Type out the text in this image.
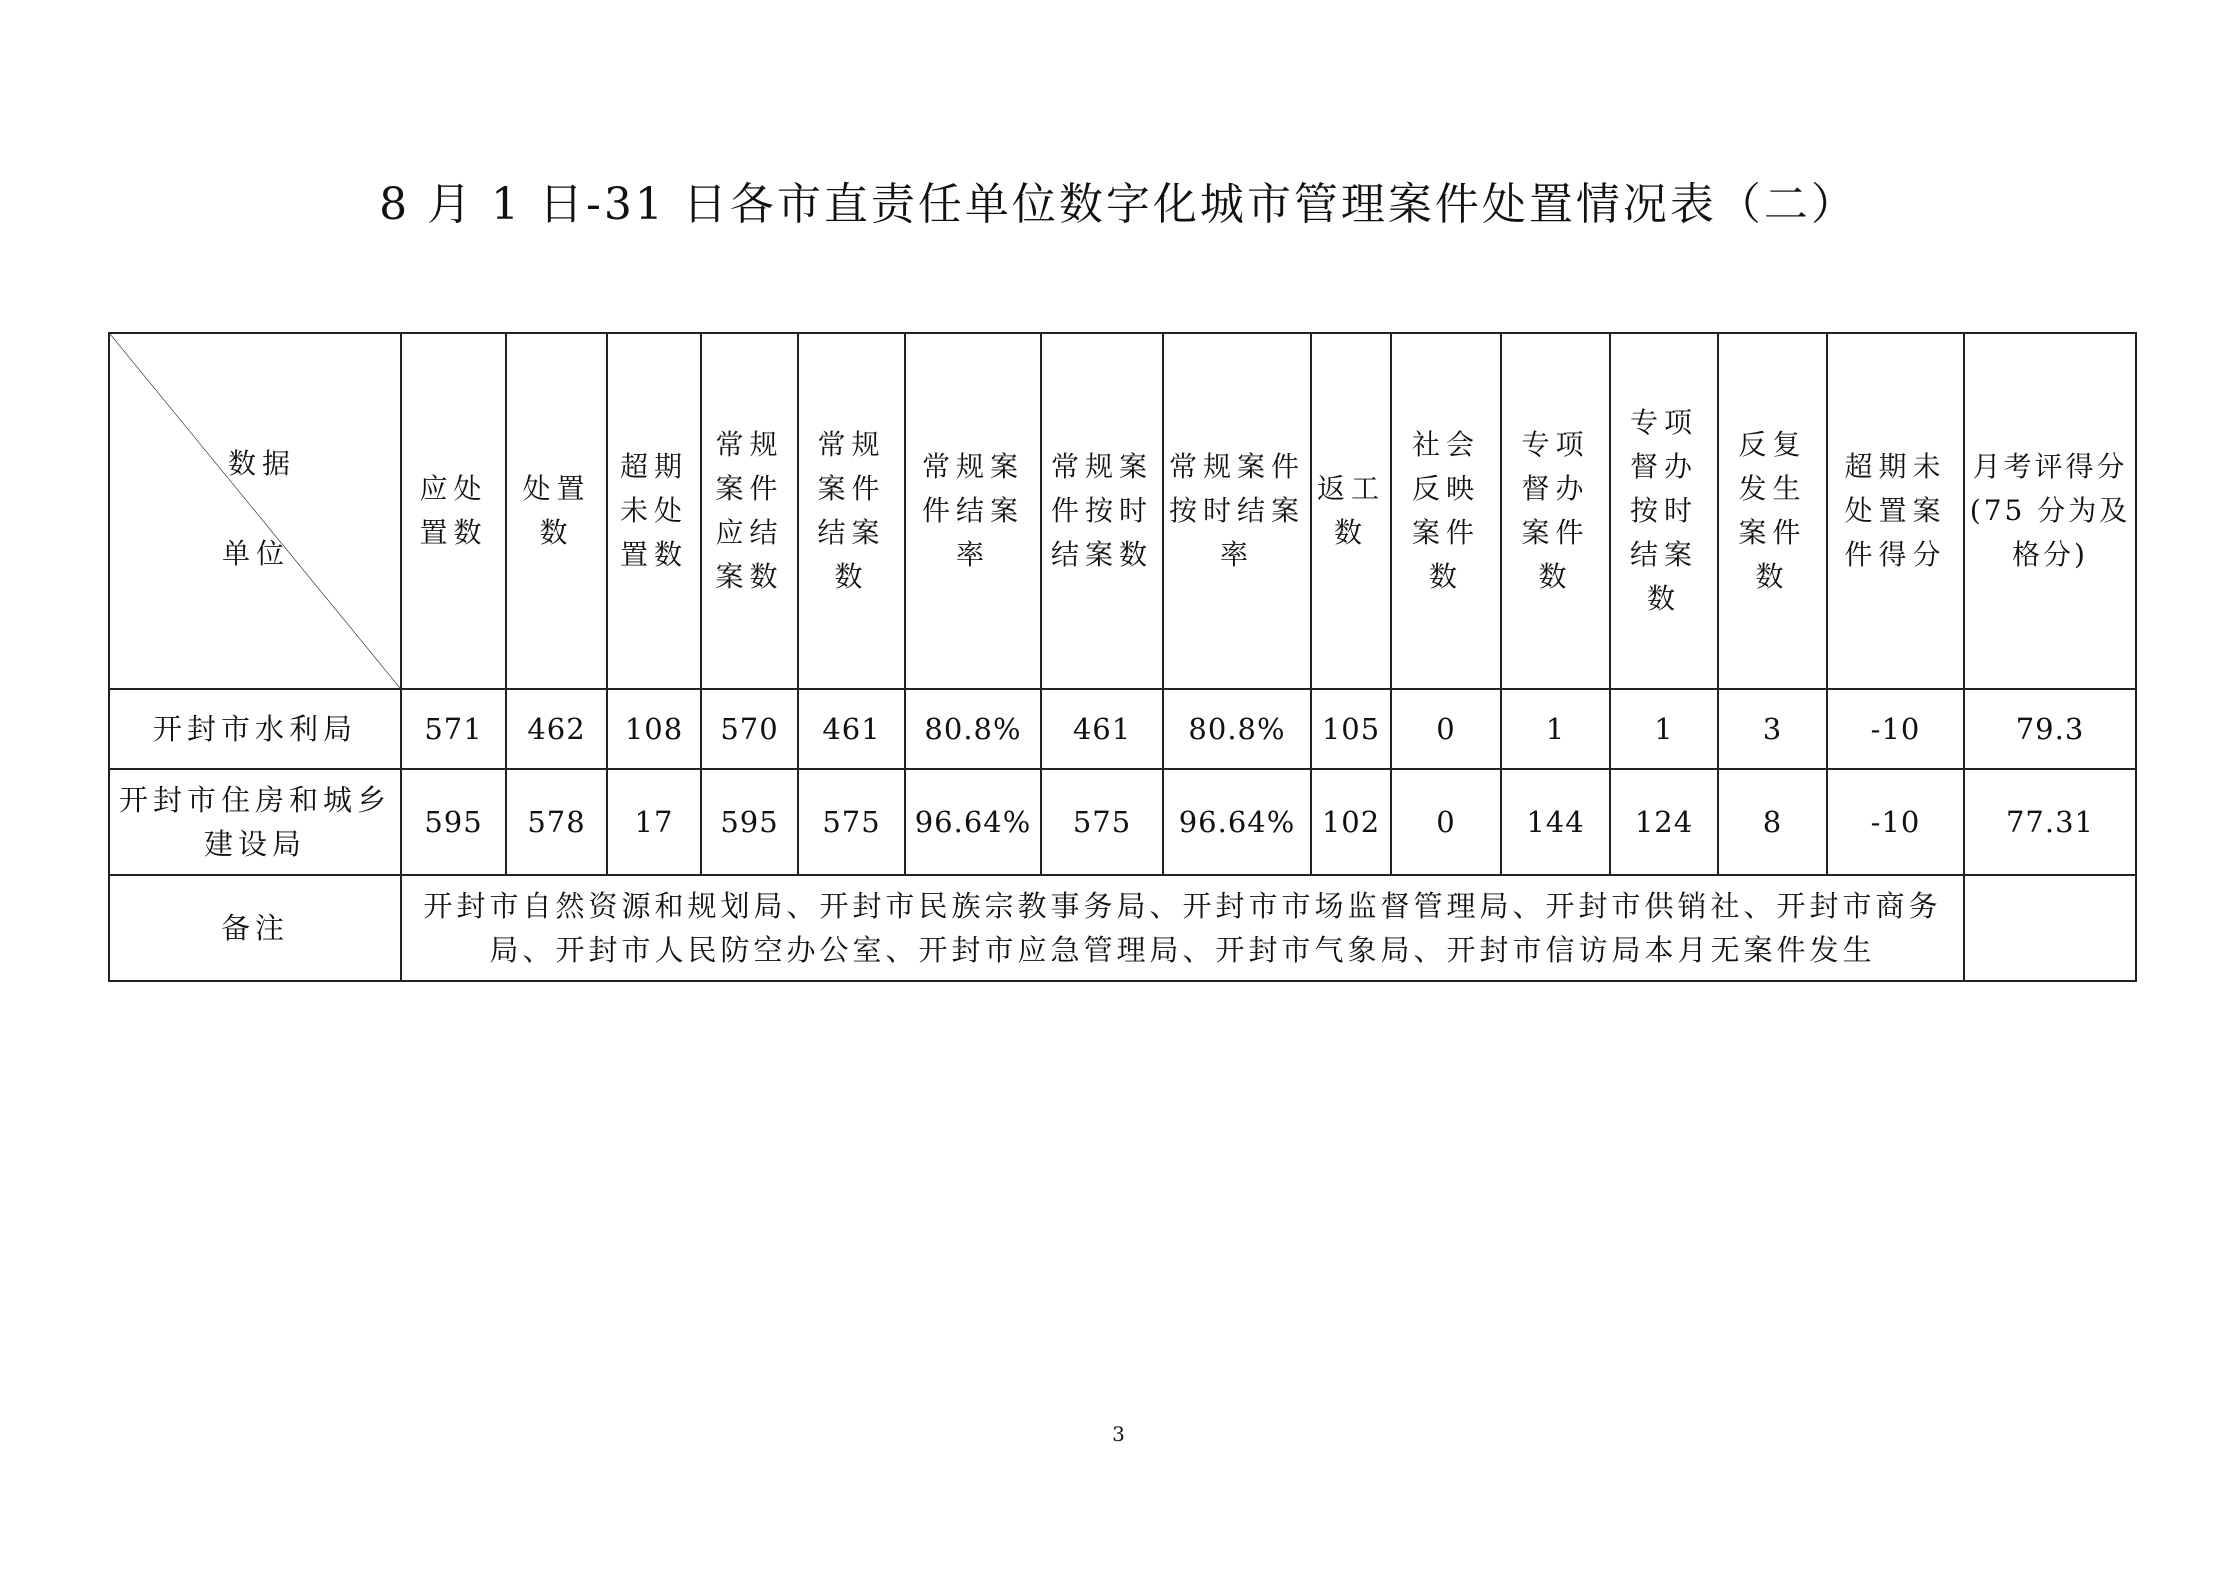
8 月 1 日-31 日各市直责任单位数字化城市管理案件处置情况表（二）
数据
单位	应处置数	处置数	超期未处置数	常规案件应结案数	常规案件结案数	常规案件结案率	常规案件按时结案数	常规案件按时结案率	返工数	社会反映案件数	专项督办案件数	专项督办按时结案数	反复发生案件数	超期未处置案件得分	月考评得分(75 分为及格分)
开封市水利局	571	462	108	570	461	80.8%	461	80.8%	105	0	1	1	3	-10	79.3
开封市住房和城乡建设局	595	578	17	595	575	96.64%	575	96.64%	102	0	144	124	8	-10	77.31
备注	开封市自然资源和规划局、开封市民族宗教事务局、开封市市场监督管理局、开封市供销社、开封市商务局、开封市人民防空办公室、开封市应急管理局、开封市气象局、开封市信访局本月无案件发生														
3
